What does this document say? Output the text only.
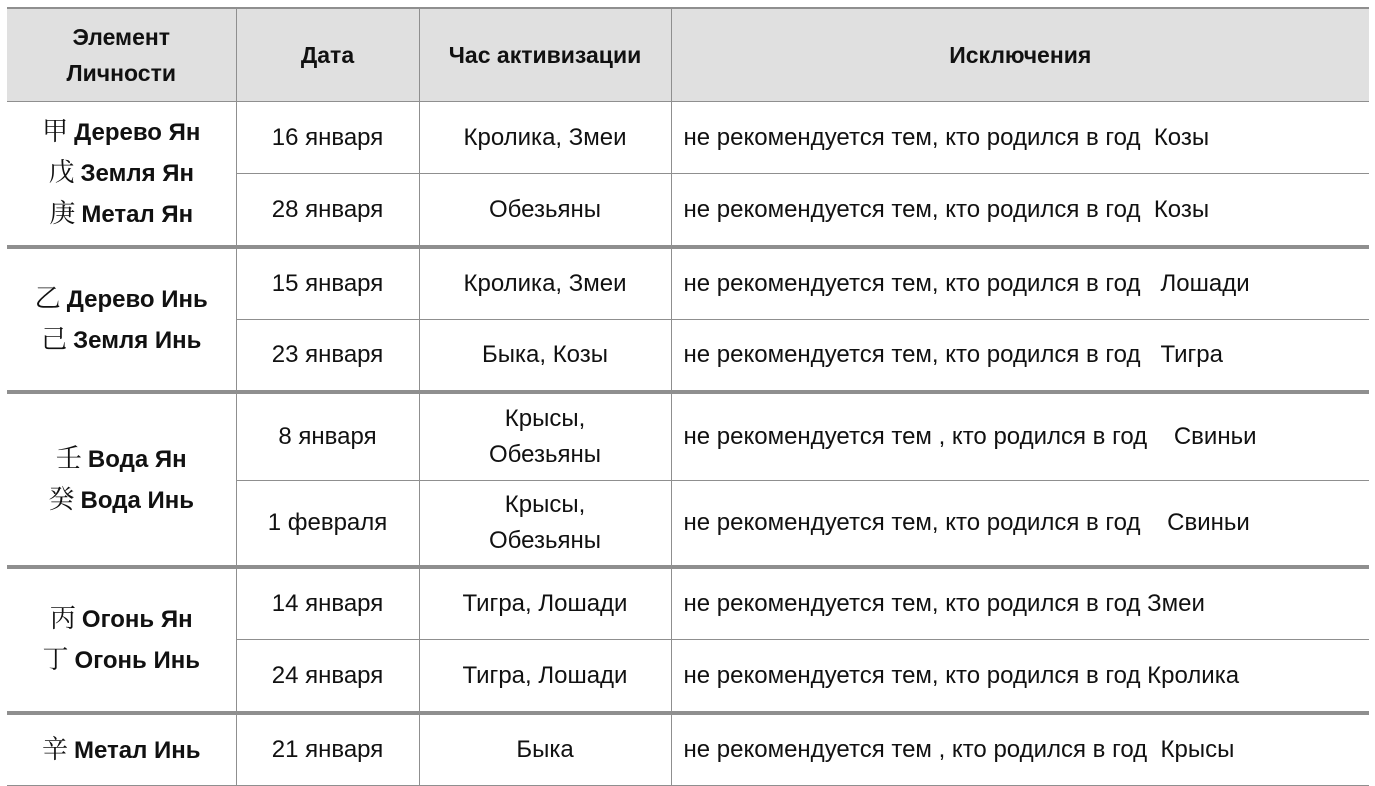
Элемент
Личности	Дата	Час активизации	Исключения

甲 Дерево Ян
戊 Земля Ян
庚 Метал Ян	16 января	Кролика, Змеи	не рекомендуется тем, кто родился в год  Козы
	28 января	Обезьяны	не рекомендуется тем, кто родился в год  Козы

乙 Дерево Инь
己 Земля Инь	15 января	Кролика, Змеи	не рекомендуется тем, кто родился в год   Лошади
	23 января	Быка, Козы	не рекомендуется тем, кто родился в год   Тигра

壬 Вода Ян
癸 Вода Инь	8 января	Крысы,
Обезьяны	не рекомендуется тем , кто родился в год    Свиньи
	1 февраля	Крысы,
Обезьяны	не рекомендуется тем, кто родился в год    Свиньи

丙 Огонь Ян
丁 Огонь Инь	14 января	Тигра, Лошади	не рекомендуется тем, кто родился в год Змеи
	24 января	Тигра, Лошади	не рекомендуется тем, кто родился в год Кролика

辛 Метал Инь	21 января	Быка	не рекомендуется тем , кто родился в год  Крысы
